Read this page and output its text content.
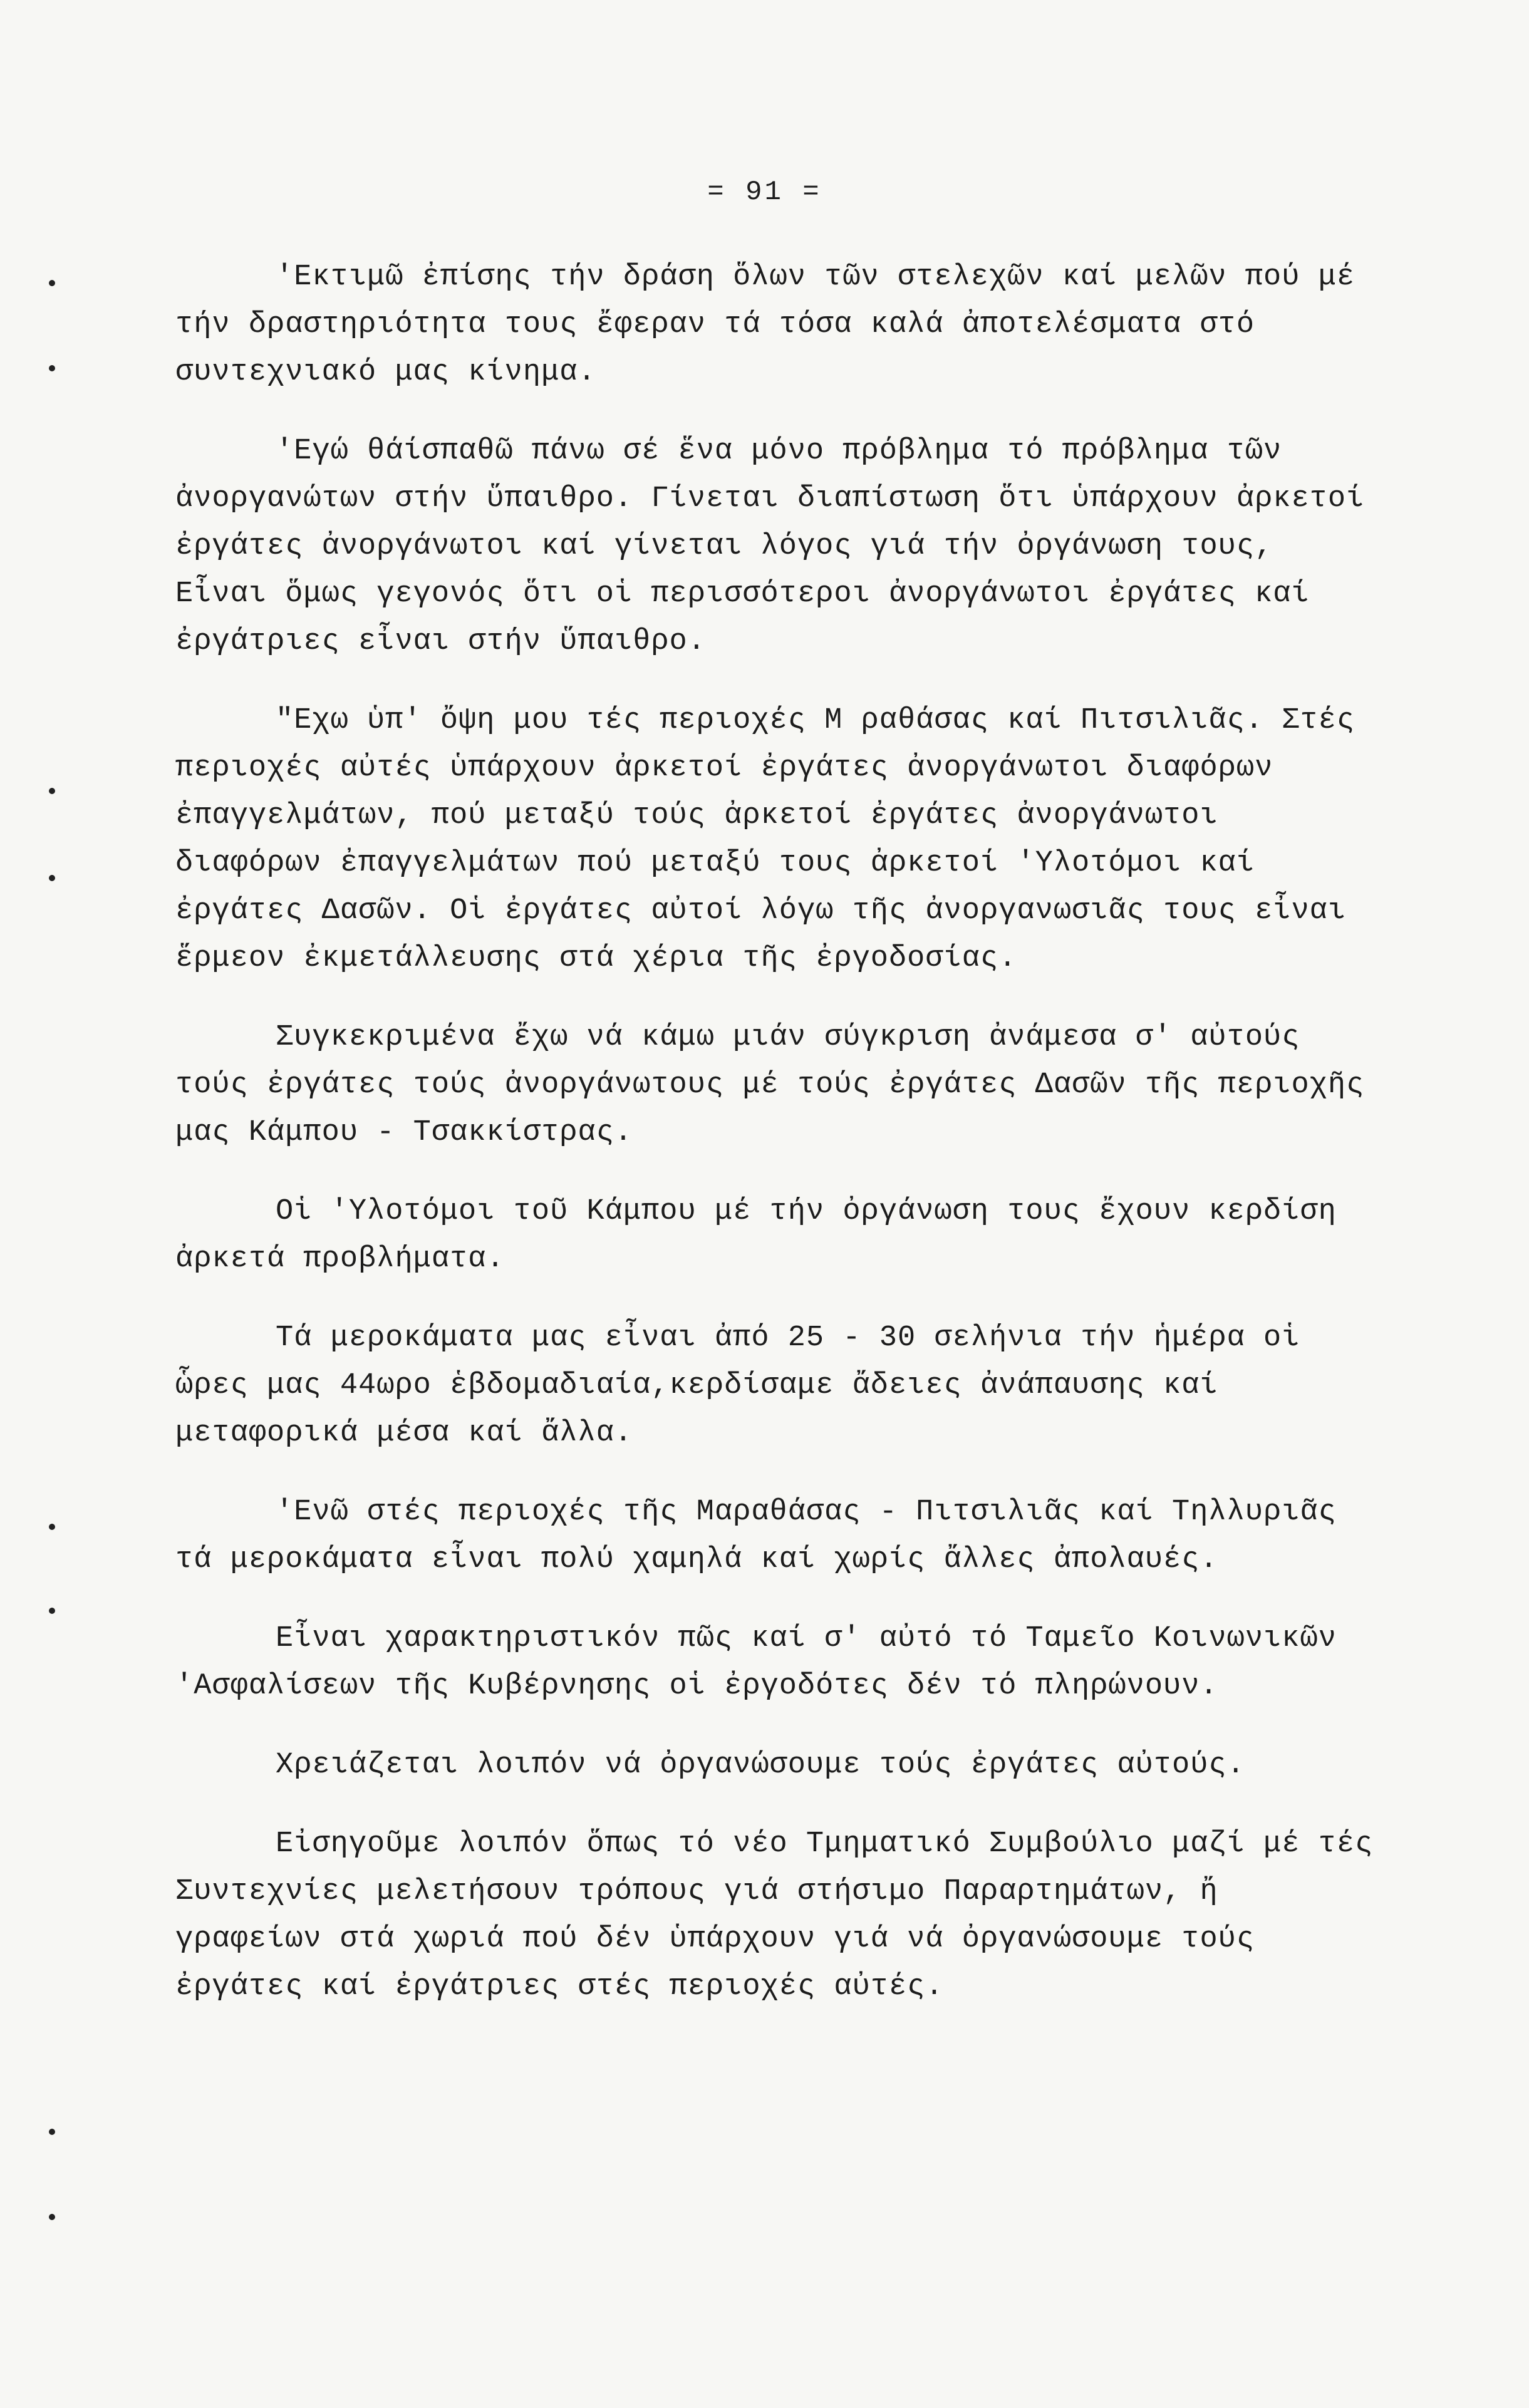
= 91 =

'Εκτιμῶ ἐπίσης τήν δράση ὅλων τῶν στελεχῶν καί μελῶν πού μέ τήν δραστηριότητα τους ἔφεραν τά τόσα καλά ἀποτελέσματα στό συντεχνιακό μας κίνημα.

'Εγώ θάίσπαθῶ πάνω σέ ἕνα μόνο πρόβλημα τό πρόβλημα τῶν ἀνοργανώτων στήν ὕπαιθρο. Γίνεται διαπίστωση ὅτι ὑπάρχουν ἀρκετοί ἐργάτες ἀνοργάνωτοι καί γίνεται λόγος γιά τήν ὀργάνωση τους, Εἶναι ὅμως γεγονός ὅτι οἱ περισσότεροι ἀνοργάνωτοι ἐργάτες καί ἐργάτριες εἶναι στήν ὕπαιθρο.

"Εχω ὑπ' ὄψη μου τές περιοχές Μ ραθάσας καί Πιτσιλιᾶς. Στές περιοχές αὐτές ὑπάρχουν ἀρκετοί ἐργάτες ἀνοργάνωτοι διαφόρων ἐπαγγελμάτων, πού μεταξύ τούς ἀρκετοί ἐργάτες ἀνοργάνωτοι διαφόρων ἐπαγγελμάτων πού μεταξύ τους ἀρκετοί 'Υλοτόμοι καί ἐργάτες Δασῶν. Οἱ ἐργάτες αὐτοί λόγω τῆς ἀνοργανωσιᾶς τους εἶναι ἕρμεον ἐκμετάλλευσης στά χέρια τῆς ἐργοδοσίας.

Συγκεκριμένα ἔχω νά κάμω μιάν σύγκριση ἀνάμεσα σ' αὐτούς τούς ἐργάτες τούς ἀνοργάνωτους μέ τούς ἐργάτες Δασῶν τῆς περιοχῆς μας Κάμπου - Τσακκίστρας.

Οἱ 'Υλοτόμοι τοῦ Κάμπου μέ τήν ὀργάνωση τους ἔχουν κερδίση ἀρκετά προβλήματα.

Τά μεροκάματα μας εἶναι ἀπό 25 - 30 σελήνια τήν ἡμέρα οἱ ὧρες μας 44ωρο ἑβδομαδιαία,κερδίσαμε ἄδειες ἀνάπαυσης καί μεταφορικά μέσα καί ἄλλα.

'Ενῶ στές περιοχές τῆς Μαραθάσας - Πιτσιλιᾶς καί Τηλλυριᾶς τά μεροκάματα εἶναι πολύ χαμηλά καί χωρίς ἄλλες ἀπολαυές.

Εἶναι χαρακτηριστικόν πῶς καί σ' αὐτό τό Ταμεῖο Κοινωνικῶν 'Ασφαλίσεων τῆς Κυβέρνησης οἱ ἐργοδότες δέν τό πληρώνουν.

Χρειάζεται λοιπόν νά ὀργανώσουμε τούς ἐργάτες αὐτούς.

Εἰσηγοῦμε λοιπόν ὅπως τό νέο Τμηματικό Συμβούλιο μαζί μέ τές Συντεχνίες μελετήσουν τρόπους γιά στήσιμο Παραρτημάτων, ἤ γραφείων στά χωριά πού δέν ὑπάρχουν γιά νά ὀργανώσουμε τούς ἐργάτες καί ἐργάτριες στές περιοχές αὐτές.
